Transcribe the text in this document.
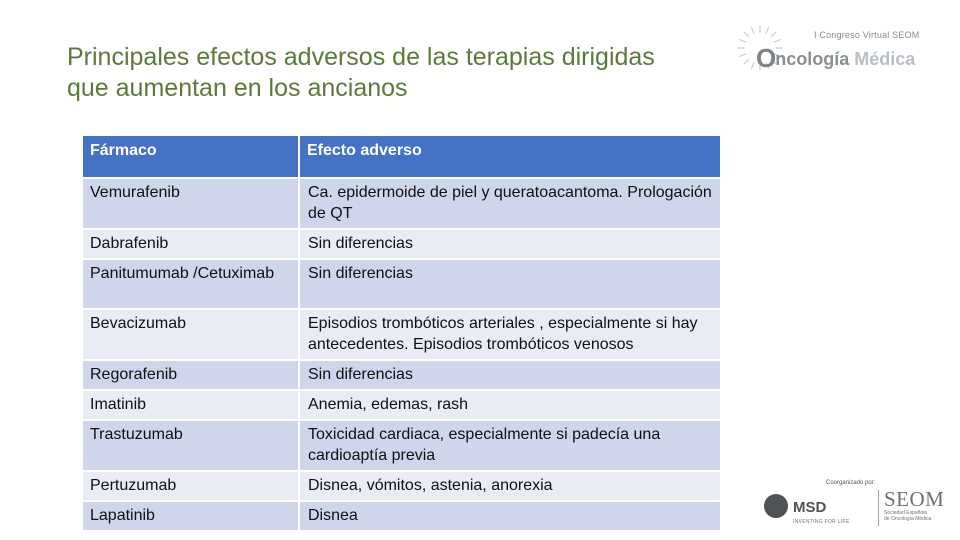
Principales efectos adversos de las terapias dirigidas
que aumentan en los ancianos
I Congreso Virtual SEOM
Oncología Médica
Fármaco	Efecto adverso
Vemurafenib	Ca. epidermoide de piel y queratoacantoma. Prologación de QT
Dabrafenib	Sin diferencias
Panitumumab /Cetuximab	Sin diferencias
Bevacizumab	Episodios trombóticos arteriales , especialmente si hay antecedentes. Episodios trombóticos venosos
Regorafenib	Sin diferencias
Imatinib	Anemia, edemas, rash
Trastuzumab	Toxicidad cardiaca, especialmente si padecía una cardioaptía previa
Pertuzumab	Disnea, vómitos, astenia, anorexia
Lapatinib	Disnea
Coorganizado por:
MSD
INVENTING FOR LIFE
SEOM
Sociedad Española
de Oncología Médica
